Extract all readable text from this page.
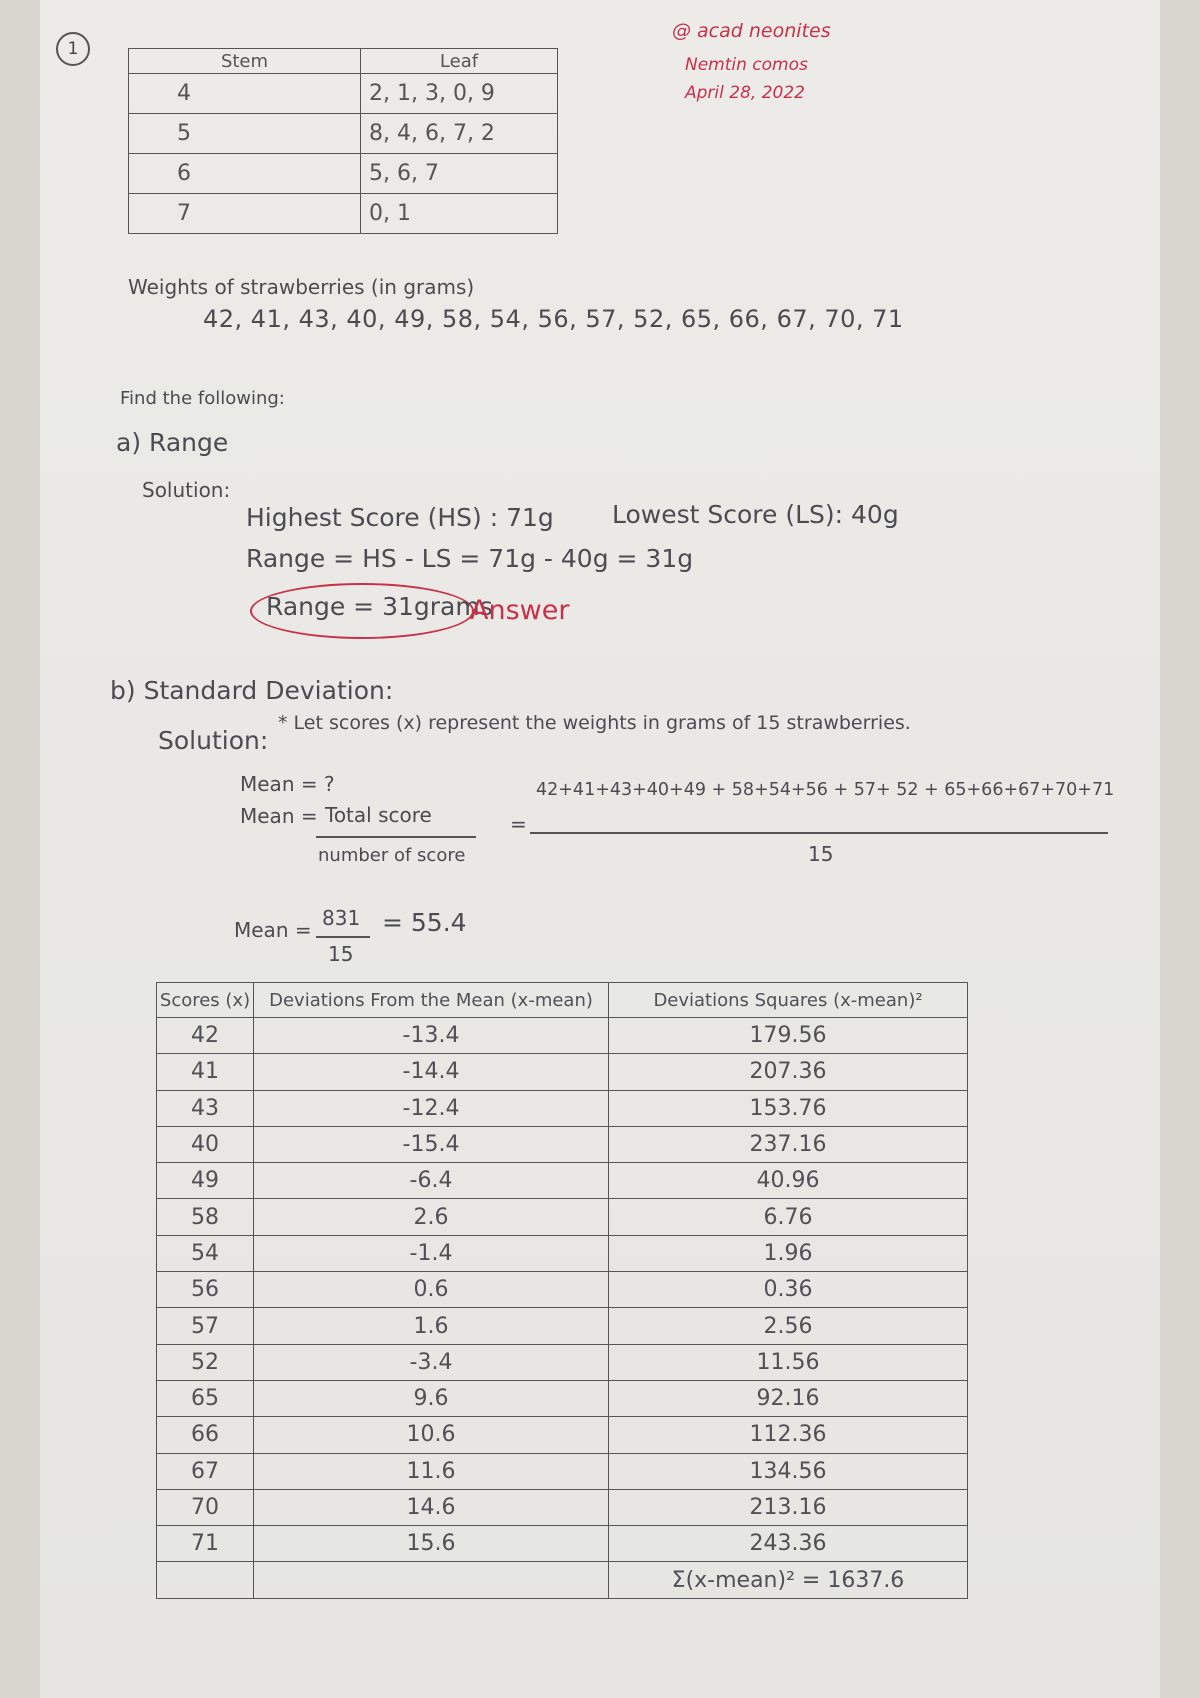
1
Stem	Leaf
4	2, 1, 3, 0, 9
5	8, 4, 6, 7, 2
6	5, 6, 7
7	0, 1
@ acad neonites
Nemtin comos
April 28, 2022
Weights of strawberries (in grams)
42, 41, 43, 40, 49, 58, 54, 56, 57, 52, 65, 66, 67, 70, 71
Find the following:
a) Range
Solution:
Highest Score (HS) : 71g Lowest Score (LS): 40g
Range = HS - LS = 71g - 40g = 31g
Range = 31grams
Answer
b) Standard Deviation:
Solution:
* Let scores (x) represent the weights in grams of 15 strawberries.
Mean = ?
Mean = Total score
number of score
=
42+41+43+40+49 + 58+54+56 + 57+ 52 + 65+66+67+70+71
15
Mean = 831
15
= 55.4
Scores (x)	Deviations From the Mean (x-mean)	Deviations Squares (x-mean)²
42	-13.4	179.56
41	-14.4	207.36
43	-12.4	153.76
40	-15.4	237.16
49	-6.4	40.96
58	2.6	6.76
54	-1.4	1.96
56	0.6	0.36
57	1.6	2.56
52	-3.4	11.56
65	9.6	92.16
66	10.6	112.36
67	11.6	134.56
70	14.6	213.16
71	15.6	243.36
		Σ(x-mean)² = 1637.6
